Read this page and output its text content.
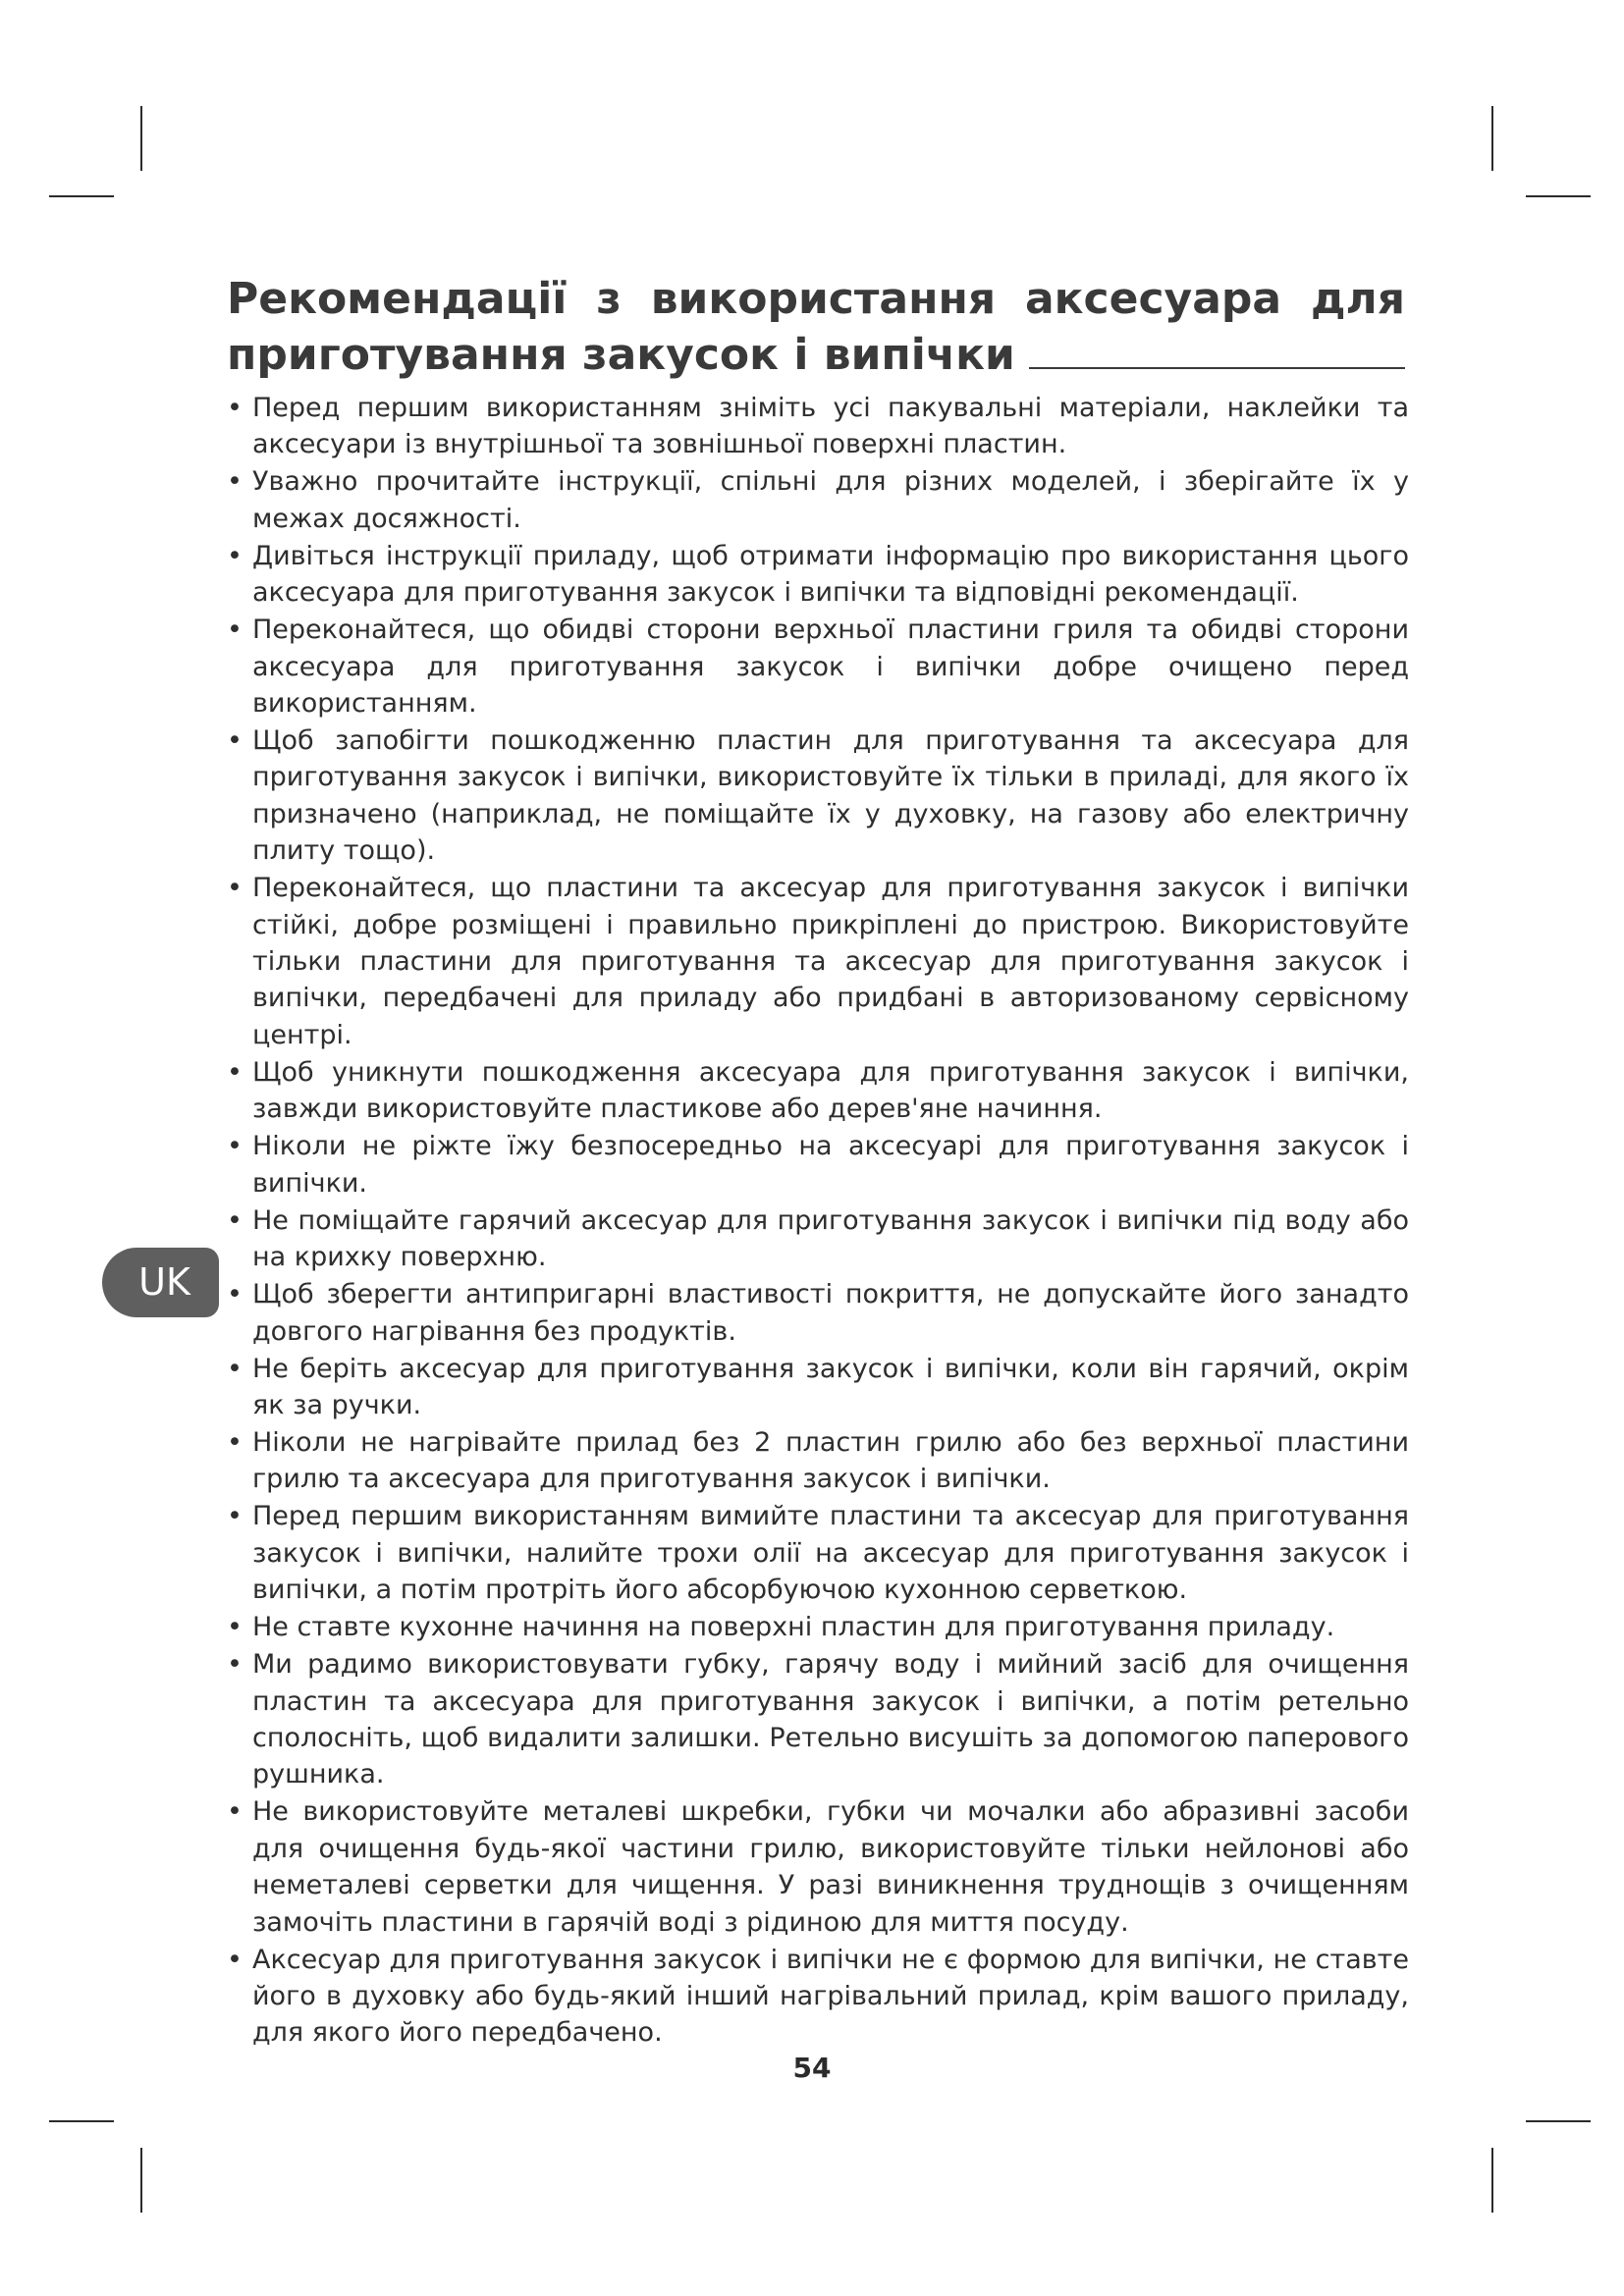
Рекомендації з використання аксесуара для
приготування закусок і випічки
• Перед першим використанням зніміть усі пакувальні матеріали, наклейки та аксесуари із внутрішньої та зовнішньої поверхні пластин.
• Уважно прочитайте інструкції, спільні для різних моделей, і зберігайте їх у межах досяжності.
• Дивіться інструкції приладу, щоб отримати інформацію про використання цього аксесуара для приготування закусок і випічки та відповідні рекомендації.
• Переконайтеся, що обидві сторони верхньої пластини гриля та обидві сторони аксесуара для приготування закусок і випічки добре очищено перед використанням.
• Щоб запобігти пошкодженню пластин для приготування та аксесуара для приготування закусок і випічки, використовуйте їх тільки в приладі, для якого їх призначено (наприклад, не поміщайте їх у духовку, на газову або електричну плиту тощо).
• Переконайтеся, що пластини та аксесуар для приготування закусок і випічки стійкі, добре розміщені і правильно прикріплені до пристрою. Використовуйте тільки пластини для приготування та аксесуар для приготування закусок і випічки, передбачені для приладу або придбані в авторизованому сервісному центрі.
• Щоб уникнути пошкодження аксесуара для приготування закусок і випічки, завжди використовуйте пластикове або дерев'яне начиння.
• Ніколи не ріжте їжу безпосередньо на аксесуарі для приготування закусок і випічки.
• Не поміщайте гарячий аксесуар для приготування закусок і випічки під воду або на крихку поверхню.
• Щоб зберегти антипригарні властивості покриття, не допускайте його занадто довгого нагрівання без продуктів.
• Не беріть аксесуар для приготування закусок і випічки, коли він гарячий, окрім як за ручки.
• Ніколи не нагрівайте прилад без 2 пластин грилю або без верхньої пластини грилю та аксесуара для приготування закусок і випічки.
• Перед першим використанням вимийте пластини та аксесуар для приготування закусок і випічки, налийте трохи олії на аксесуар для приготування закусок і випічки, а потім протріть його абсорбуючою кухонною серветкою.
• Не ставте кухонне начиння на поверхні пластин для приготування приладу.
• Ми радимо використовувати губку, гарячу воду і мийний засіб для очищення пластин та аксесуара для приготування закусок і випічки, а потім ретельно сполосніть, щоб видалити залишки. Ретельно висушіть за допомогою паперового рушника.
• Не використовуйте металеві шкребки, губки чи мочалки або абразивні засоби для очищення будь-якої частини грилю, використовуйте тільки нейлонові або неметалеві серветки для чищення. У разі виникнення труднощів з очищенням замочіть пластини в гарячій воді з рідиною для миття посуду.
• Аксесуар для приготування закусок і випічки не є формою для випічки, не ставте його в духовку або будь-який інший нагрівальний прилад, крім вашого приладу, для якого його передбачено.
UK
54
